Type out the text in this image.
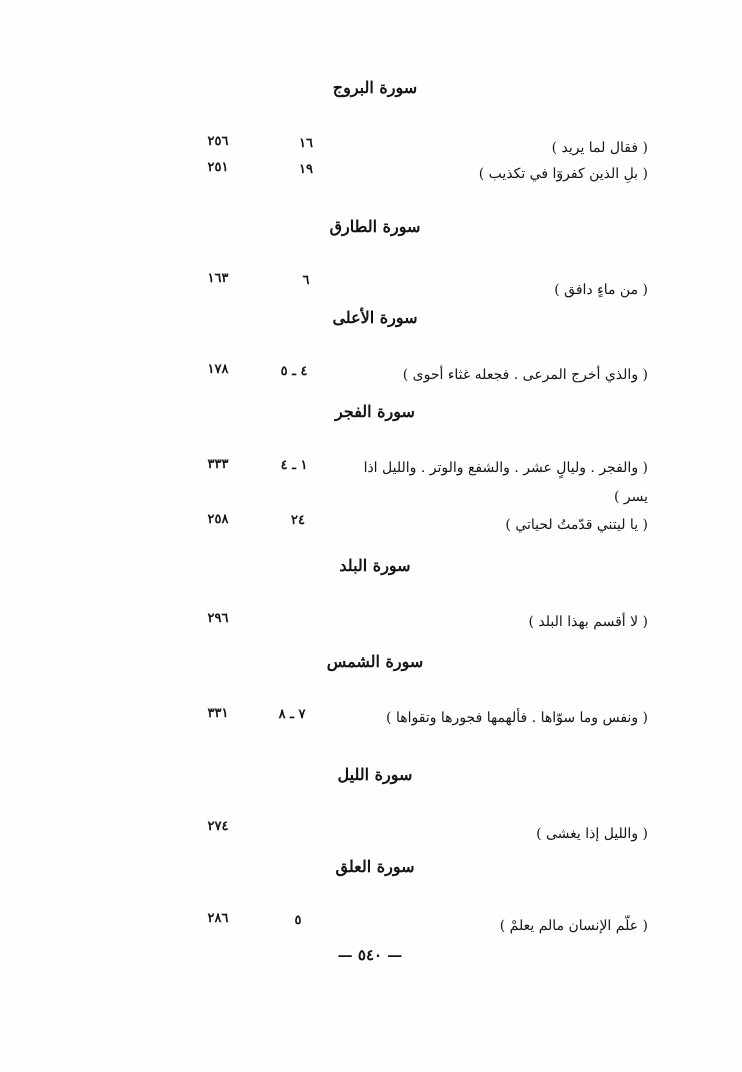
سورة البروج
( فقال لما يريد )
١٦
٢٥٦
( بلِ الذين كفروٓا في تكذيب )
١٩
٢٥١
سورة الطارق
( من ماءٍ دافق )
٦
١٦٣
سورة الأعلى
( والذي أخرج المرعى . فجعله غثاء أحوى )
٤ ـ ٥
١٧٨
سورة الفجر
( والفجر . وليالٍ عشر . والشفع والوتر . والليل اذا
يسر )
١ ـ ٤
٣٣٣
( يا ليتني قدّمتُ لحياتي )
٢٤
٢٥٨
سورة البلد
( لا أقسم بهذا البلد )
٢٩٦
سورة الشمس
( ونفس وما سوّاها . فألهمها فجورها وتقواها )
٧ ـ ٨
٣٣١
سورة الليل
( والليل إذا يغشى )
٢٧٤
سورة العلق
( علّم الإنسان مالم يعلمْ )
٥
٢٨٦
— ٥٤٠ —
